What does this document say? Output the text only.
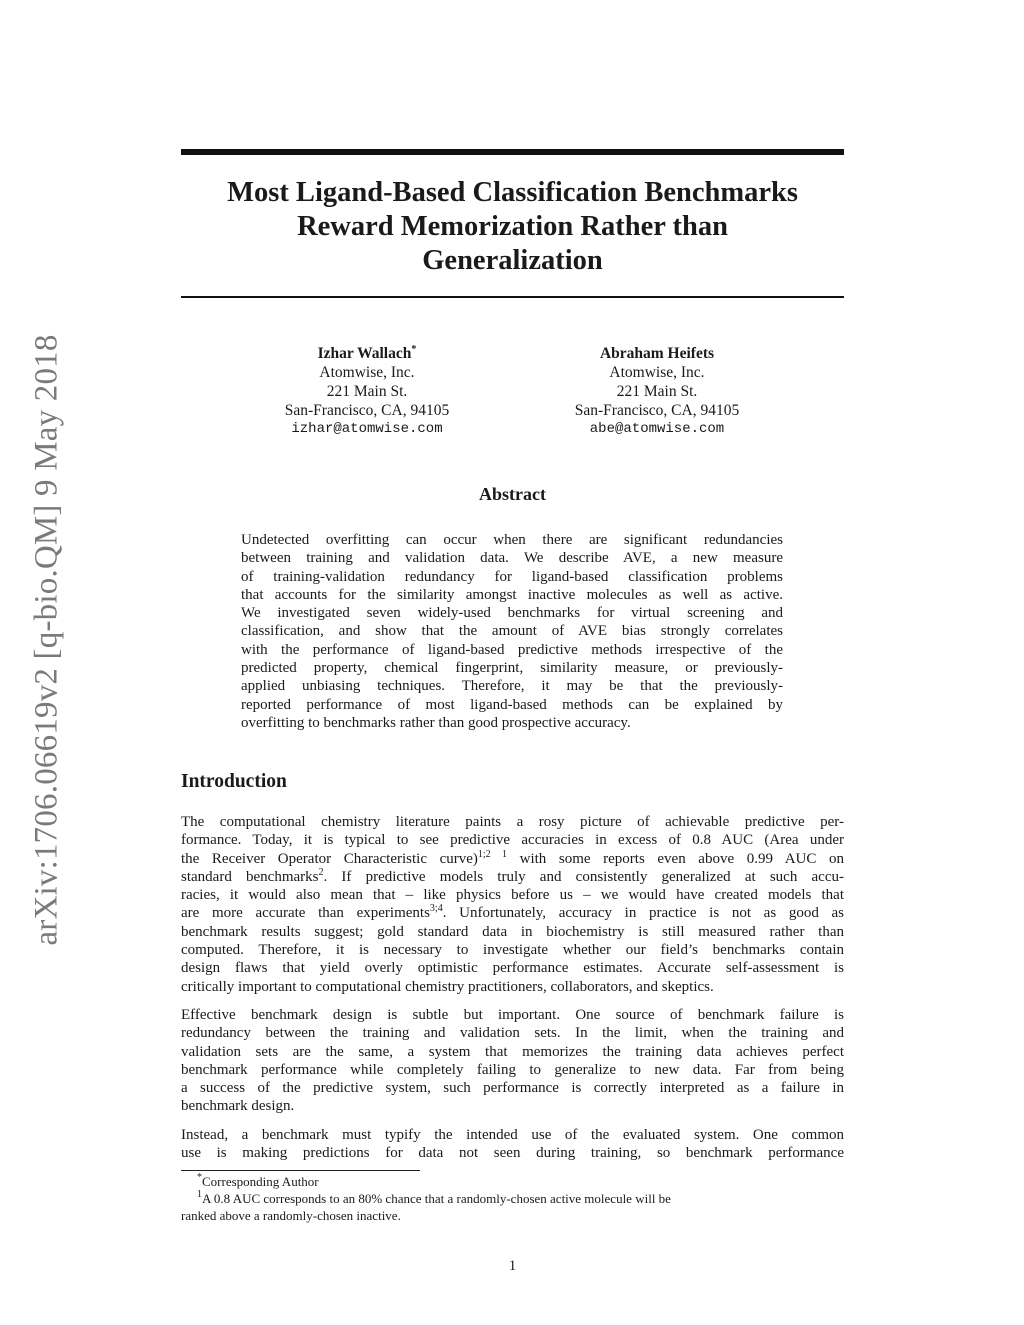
arXiv:1706.06619v2 [q-bio.QM] 9 May 2018
Most Ligand-Based Classification Benchmarks
Reward Memorization Rather than
Generalization
Izhar Wallach*
Atomwise, Inc.
221 Main St.
San-Francisco, CA, 94105
izhar@atomwise.com
Abraham Heifets
Atomwise, Inc.
221 Main St.
San-Francisco, CA, 94105
abe@atomwise.com
Abstract
Undetected overfitting can occur when there are significant redundancies
between training and validation data. We describe AVE, a new measure
of training-validation redundancy for ligand-based classification problems
that accounts for the similarity amongst inactive molecules as well as active.
We investigated seven widely-used benchmarks for virtual screening and
classification, and show that the amount of AVE bias strongly correlates
with the performance of ligand-based predictive methods irrespective of the
predicted property, chemical fingerprint, similarity measure, or previously-
applied unbiasing techniques. Therefore, it may be that the previously-
reported performance of most ligand-based methods can be explained by
overfitting to benchmarks rather than good prospective accuracy.
Introduction
The computational chemistry literature paints a rosy picture of achievable predictive per-
formance. Today, it is typical to see predictive accuracies in excess of 0.8 AUC (Area under
the Receiver Operator Characteristic curve)$^{1;2 1}$ with some reports even above 0.99 AUC on
standard benchmarks$^2$. If predictive models truly and consistently generalized at such accu-
racies, it would also mean that – like physics before us – we would have created models that
are more accurate than experiments$^{3;4}$. Unfortunately, accuracy in practice is not as good as
benchmark results suggest; gold standard data in biochemistry is still measured rather than
computed. Therefore, it is necessary to investigate whether our field’s benchmarks contain
design flaws that yield overly optimistic performance estimates. Accurate self-assessment is
critically important to computational chemistry practitioners, collaborators, and skeptics.
Effective benchmark design is subtle but important. One source of benchmark failure is
redundancy between the training and validation sets. In the limit, when the training and
validation sets are the same, a system that memorizes the training data achieves perfect
benchmark performance while completely failing to generalize to new data. Far from being
a success of the predictive system, such performance is correctly interpreted as a failure in
benchmark design.
Instead, a benchmark must typify the intended use of the evaluated system. One common
use is making predictions for data not seen during training, so benchmark performance
*Corresponding Author
$^1$A 0.8 AUC corresponds to an 80% chance that a randomly-chosen active molecule will be
ranked above a randomly-chosen inactive.
1
